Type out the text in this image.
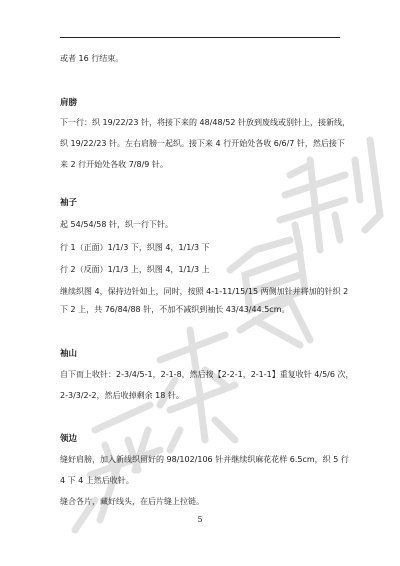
或者 16 行结束。
肩膀
下一行：织 19/22/23 针，将接下来的 48/48/52 针放到废线或别针上，接新线，
织 19/22/23 针。左右肩膀一起织。接下来 4 行开始处各收 6/6/7 针，然后接下
来 2 行开始处各收 7/8/9 针。
袖子
起 54/54/58 针，织一行下针。
行 1（正面）1/1/3 下，织图 4，1/1/3 下
行 2（反面）1/1/3 上，织图 4，1/1/3 上
继续织图 4，保持边针如上，同时，按照 4-1-11/15/15 两侧加针并将加的针织 2
下 2 上，共 76/84/88 针，不加不减织到袖长 43/43/44.5cm。
袖山
自下而上收针：2-3/4/5-1，2-1-8，然后按【2-2-1，2-1-1】重复收针 4/5/6 次，
2-3/3/2-2，然后收掉剩余 18 针。
领边
缝好肩膀，加入新线织留好的 98/102/106 针并继续织麻花花样 6.5cm，织 5 行
4 下 4 上然后收针。
缝合各片，藏好线头，在后片缝上拉链。
5
